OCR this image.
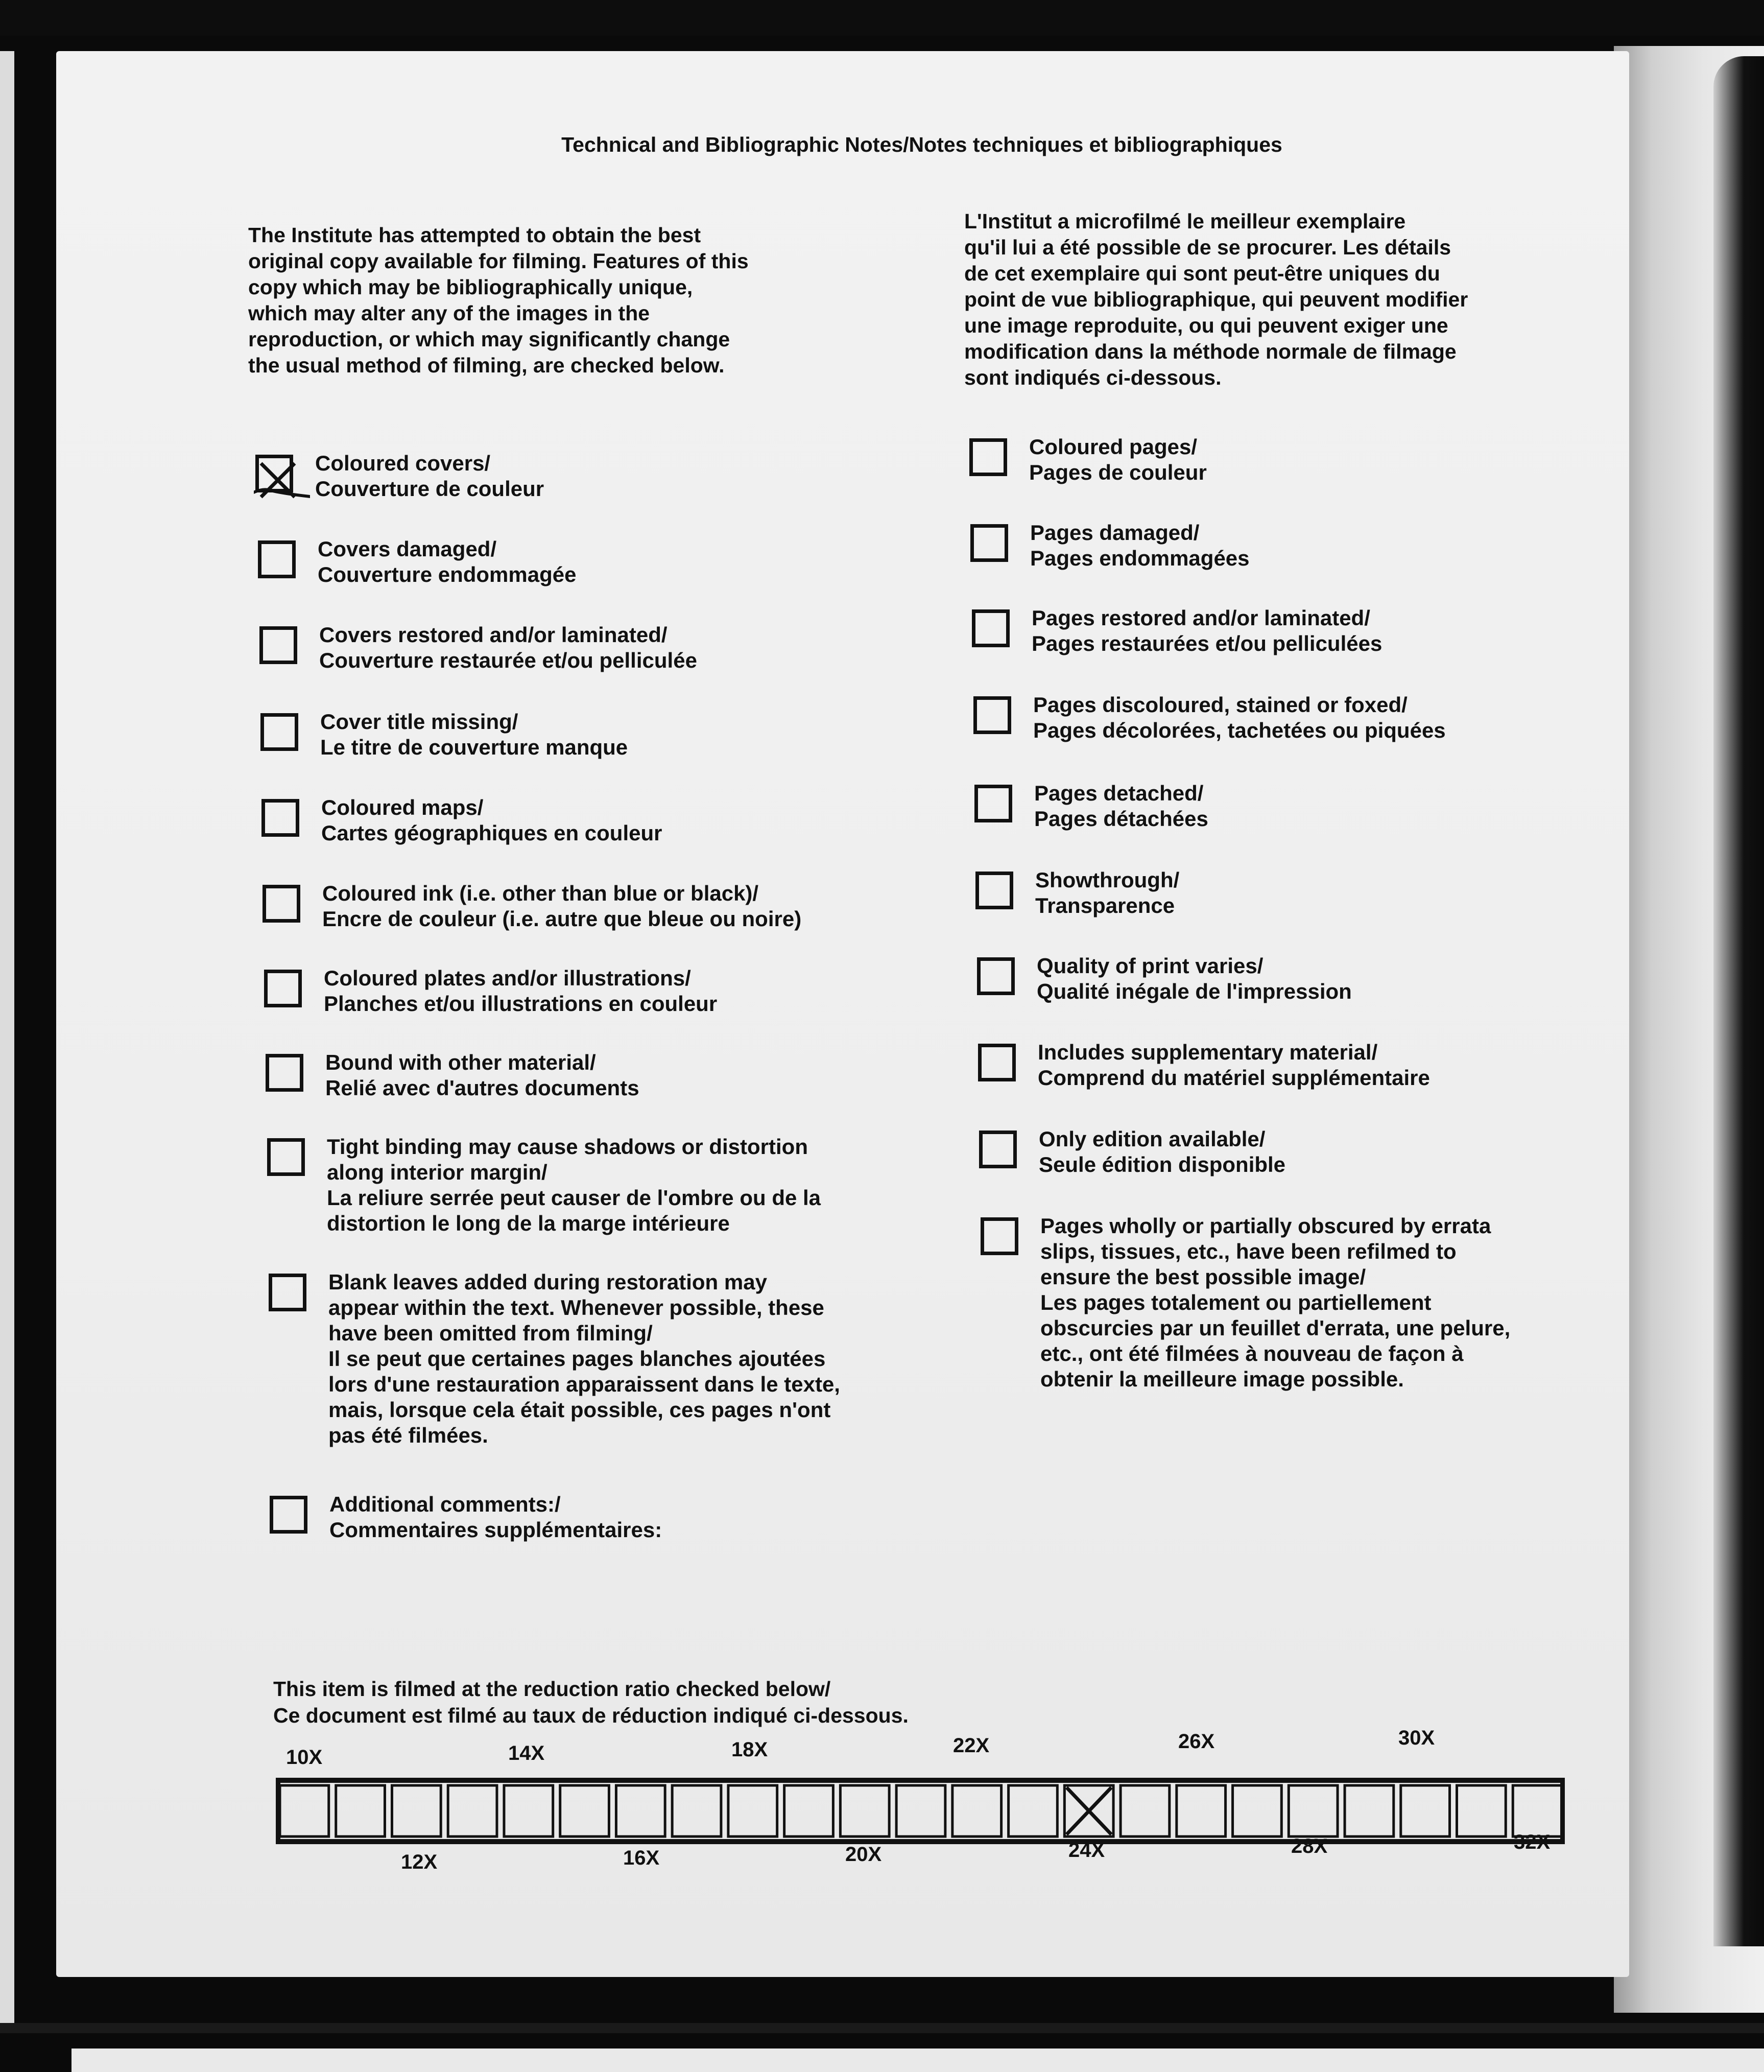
Technical and Bibliographic Notes/Notes techniques et bibliographiques
The Institute has attempted to obtain the best
original copy available for filming. Features of this
copy which may be bibliographically unique,
which may alter any of the images in the
reproduction, or which may significantly change
the usual method of filming, are checked below.
L'Institut a microfilmé le meilleur exemplaire
qu'il lui a été possible de se procurer. Les détails
de cet exemplaire qui sont peut-être uniques du
point de vue bibliographique, qui peuvent modifier
une image reproduite, ou qui peuvent exiger une
modification dans la méthode normale de filmage
sont indiqués ci-dessous.
Coloured covers/
Couverture de couleur
Covers damaged/
Couverture endommagée
Covers restored and/or laminated/
Couverture restaurée et/ou pelliculée
Cover title missing/
Le titre de couverture manque
Coloured maps/
Cartes géographiques en couleur
Coloured ink (i.e. other than blue or black)/
Encre de couleur (i.e. autre que bleue ou noire)
Coloured plates and/or illustrations/
Planches et/ou illustrations en couleur
Bound with other material/
Relié avec d'autres documents
Tight binding may cause shadows or distortion
along interior margin/
La reliure serrée peut causer de l'ombre ou de la
distortion le long de la marge intérieure
Blank leaves added during restoration may
appear within the text. Whenever possible, these
have been omitted from filming/
Il se peut que certaines pages blanches ajoutées
lors d'une restauration apparaissent dans le texte,
mais, lorsque cela était possible, ces pages n'ont
pas été filmées.
Additional comments:/
Commentaires supplémentaires:
Coloured pages/
Pages de couleur
Pages damaged/
Pages endommagées
Pages restored and/or laminated/
Pages restaurées et/ou pelliculées
Pages discoloured, stained or foxed/
Pages décolorées, tachetées ou piquées
Pages detached/
Pages détachées
Showthrough/
Transparence
Quality of print varies/
Qualité inégale de l'impression
Includes supplementary material/
Comprend du matériel supplémentaire
Only edition available/
Seule édition disponible
Pages wholly or partially obscured by errata
slips, tissues, etc., have been refilmed to
ensure the best possible image/
Les pages totalement ou partiellement
obscurcies par un feuillet d'errata, une pelure,
etc., ont été filmées à nouveau de façon à
obtenir la meilleure image possible.
This item is filmed at the reduction ratio checked below/
Ce document est filmé au taux de réduction indiqué ci-dessous.
10X	14X	18X	22X	26X	30X
12X	16X	20X	24X	28X	32X
